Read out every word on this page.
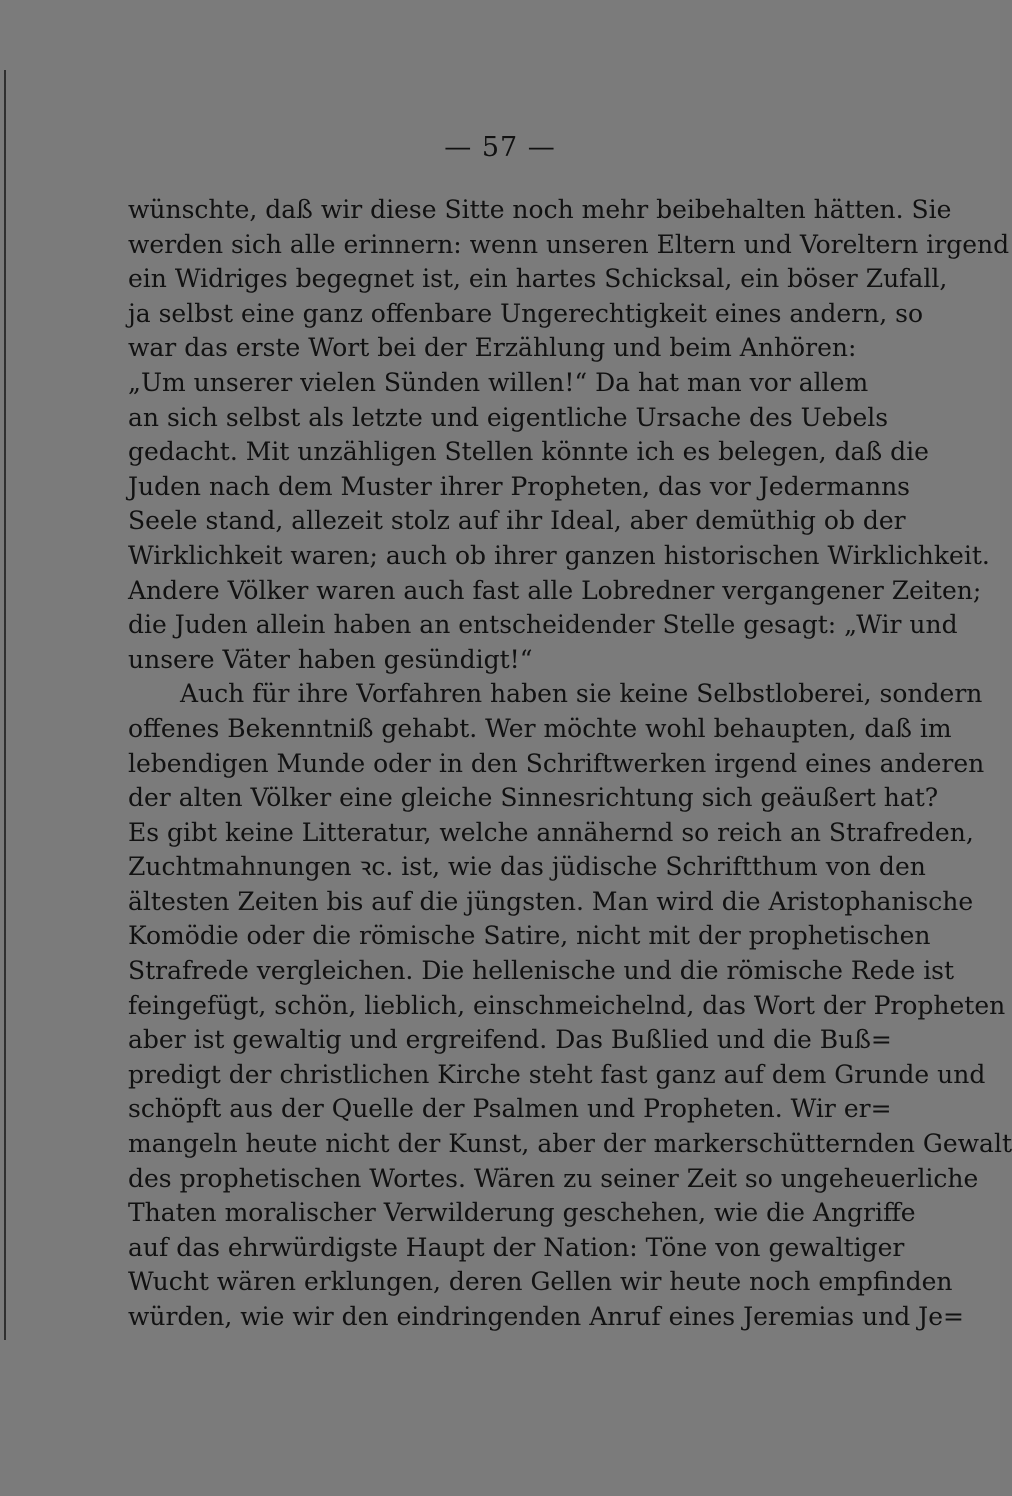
— 57 —
wünschte, daß wir diese Sitte noch mehr beibehalten hätten. Sie
werden sich alle erinnern: wenn unseren Eltern und Voreltern irgend
ein Widriges begegnet ist, ein hartes Schicksal, ein böser Zufall,
ja selbst eine ganz offenbare Ungerechtigkeit eines andern, so
war das erste Wort bei der Erzählung und beim Anhören:
„Um unserer vielen Sünden willen!“ Da hat man vor allem
an sich selbst als letzte und eigentliche Ursache des Uebels
gedacht. Mit unzähligen Stellen könnte ich es belegen, daß die
Juden nach dem Muster ihrer Propheten, das vor Jedermanns
Seele stand, allezeit stolz auf ihr Ideal, aber demüthig ob der
Wirklichkeit waren; auch ob ihrer ganzen historischen Wirklichkeit.
Andere Völker waren auch fast alle Lobredner vergangener Zeiten;
die Juden allein haben an entscheidender Stelle gesagt: „Wir und
unsere Väter haben gesündigt!“
Auch für ihre Vorfahren haben sie keine Selbstloberei, sondern
offenes Bekenntniß gehabt. Wer möchte wohl behaupten, daß im
lebendigen Munde oder in den Schriftwerken irgend eines anderen
der alten Völker eine gleiche Sinnesrichtung sich geäußert hat?
Es gibt keine Litteratur, welche annähernd so reich an Strafreden,
Zuchtmahnungen ꝛc. ist, wie das jüdische Schriftthum von den
ältesten Zeiten bis auf die jüngsten. Man wird die Aristophanische
Komödie oder die römische Satire, nicht mit der prophetischen
Strafrede vergleichen. Die hellenische und die römische Rede ist
feingefügt, schön, lieblich, einschmeichelnd, das Wort der Propheten
aber ist gewaltig und ergreifend. Das Bußlied und die Buß=
predigt der christlichen Kirche steht fast ganz auf dem Grunde und
schöpft aus der Quelle der Psalmen und Propheten. Wir er=
mangeln heute nicht der Kunst, aber der markerschütternden Gewalt
des prophetischen Wortes. Wären zu seiner Zeit so ungeheuerliche
Thaten moralischer Verwilderung geschehen, wie die Angriffe
auf das ehrwürdigste Haupt der Nation: Töne von gewaltiger
Wucht wären erklungen, deren Gellen wir heute noch empfinden
würden, wie wir den eindringenden Anruf eines Jeremias und Je=
